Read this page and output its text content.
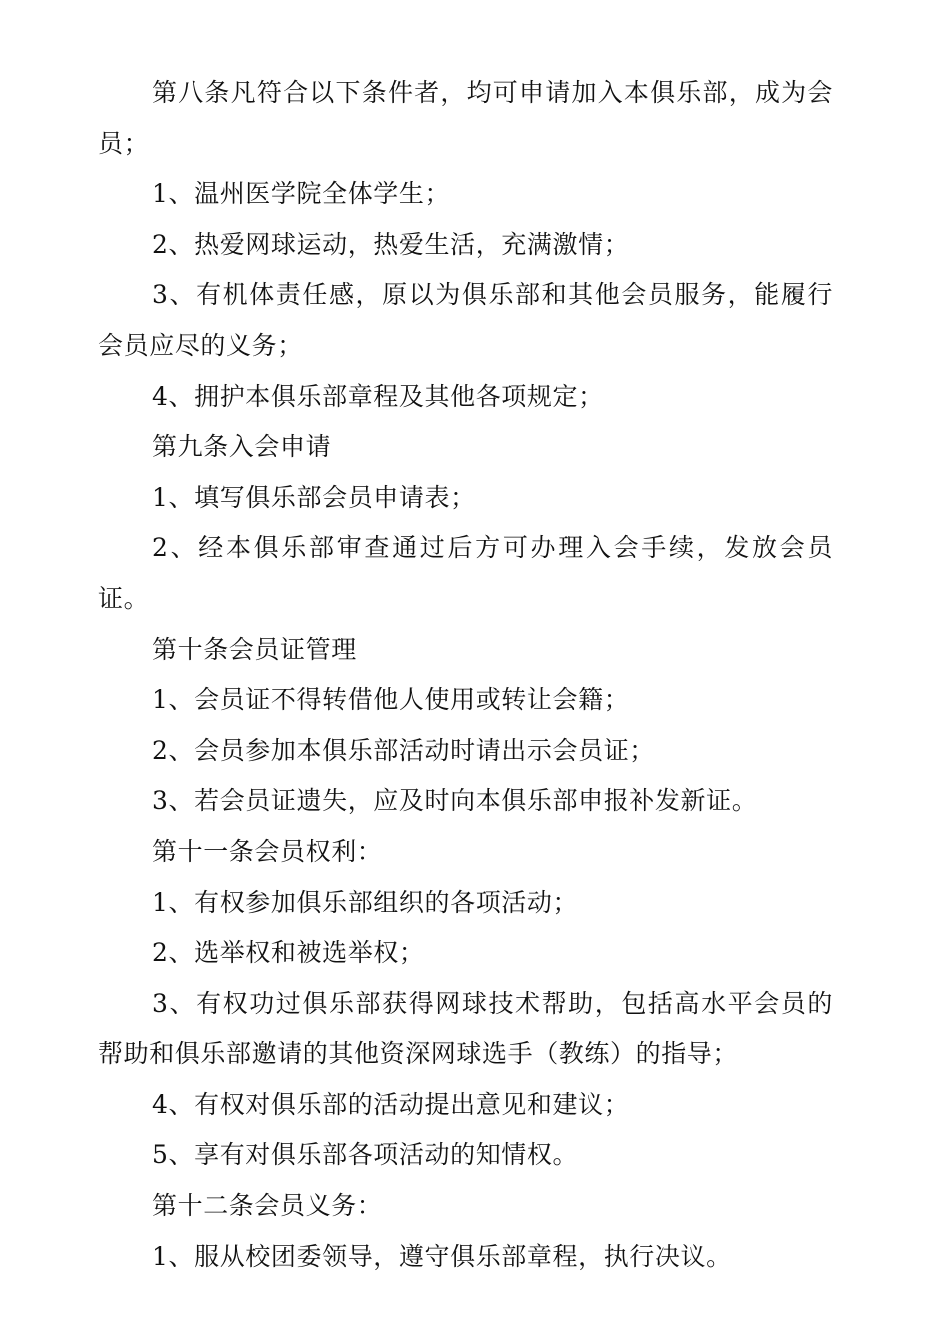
第八条凡符合以下条件者，均可申请加入本俱乐部，成为会员；

1、温州医学院全体学生；

2、热爱网球运动，热爱生活，充满激情；

3、有机体责任感，原以为俱乐部和其他会员服务，能履行会员应尽的义务；

4、拥护本俱乐部章程及其他各项规定；

第九条入会申请

1、填写俱乐部会员申请表；

2、经本俱乐部审查通过后方可办理入会手续，发放会员证。

第十条会员证管理

1、会员证不得转借他人使用或转让会籍；

2、会员参加本俱乐部活动时请出示会员证；

3、若会员证遗失，应及时向本俱乐部申报补发新证。

第十一条会员权利：

1、有权参加俱乐部组织的各项活动；

2、选举权和被选举权；

3、有权功过俱乐部获得网球技术帮助，包括高水平会员的帮助和俱乐部邀请的其他资深网球选手（教练）的指导；

4、有权对俱乐部的活动提出意见和建议；

5、享有对俱乐部各项活动的知情权。

第十二条会员义务：

1、服从校团委领导，遵守俱乐部章程，执行决议。
